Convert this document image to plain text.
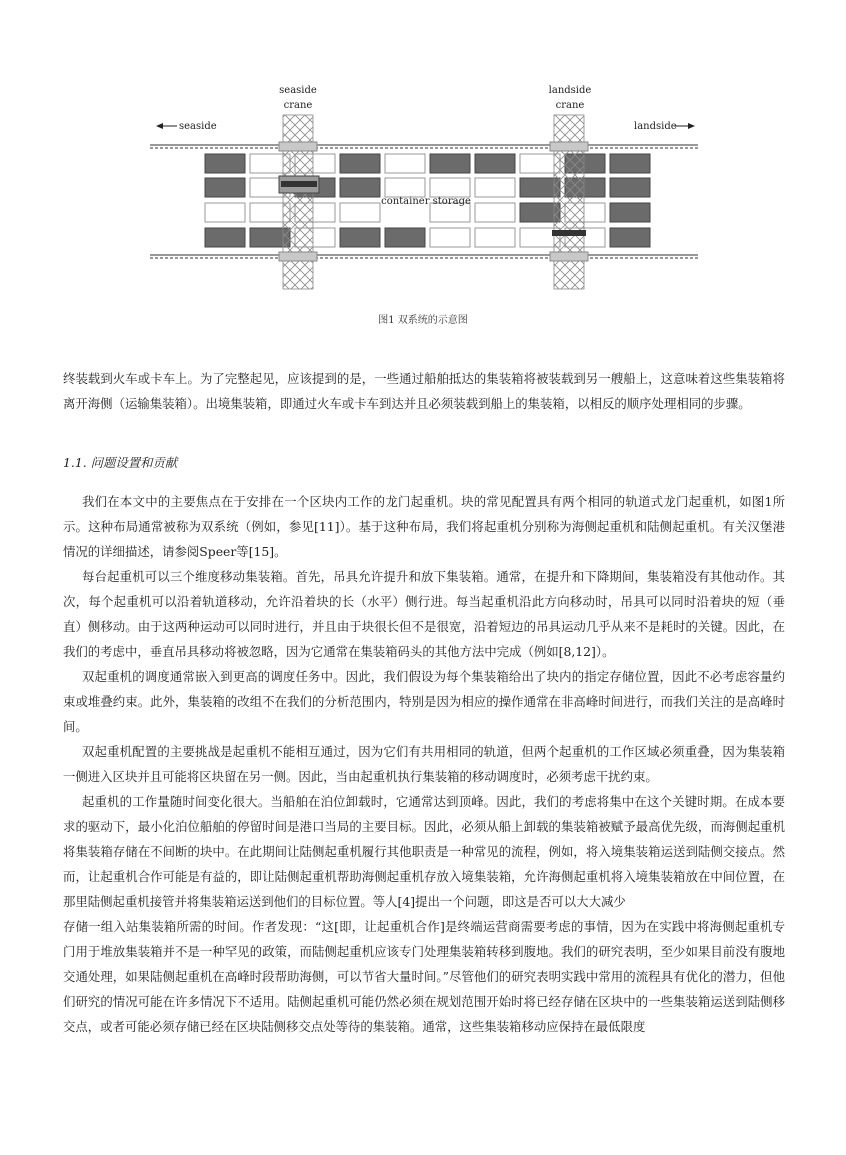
seaside
crane
landside
crane
seaside	landside
container storage
图1 双系统的示意图

终装载到火车或卡车上。为了完整起见，应该提到的是，一些通过船舶抵达的集装箱将被装载到另一艘船上，这意味着这些集装箱将离开海侧（运输集装箱）。出境集装箱，即通过火车或卡车到达并且必须装载到船上的集装箱，以相反的顺序处理相同的步骤。

1.1. 问题设置和贡献

我们在本文中的主要焦点在于安排在一个区块内工作的龙门起重机。块的常见配置具有两个相同的轨道式龙门起重机，如图1所示。这种布局通常被称为双系统（例如，参见[11]）。基于这种布局，我们将起重机分别称为海侧起重机和陆侧起重机。有关汉堡港情况的详细描述，请参阅Speer等[15]。

每台起重机可以三个维度移动集装箱。首先，吊具允许提升和放下集装箱。通常，在提升和下降期间，集装箱没有其他动作。其次，每个起重机可以沿着轨道移动，允许沿着块的长（水平）侧行进。每当起重机沿此方向移动时，吊具可以同时沿着块的短（垂直）侧移动。由于这两种运动可以同时进行，并且由于块很长但不是很宽，沿着短边的吊具运动几乎从来不是耗时的关键。因此，在我们的考虑中，垂直吊具移动将被忽略，因为它通常在集装箱码头的其他方法中完成（例如[8,12]）。

双起重机的调度通常嵌入到更高的调度任务中。因此，我们假设为每个集装箱给出了块内的指定存储位置，因此不必考虑容量约束或堆叠约束。此外，集装箱的改组不在我们的分析范围内，特别是因为相应的操作通常在非高峰时间进行，而我们关注的是高峰时间。

双起重机配置的主要挑战是起重机不能相互通过，因为它们有共用相同的轨道，但两个起重机的工作区域必须重叠，因为集装箱一侧进入区块并且可能将区块留在另一侧。因此，当由起重机执行集装箱的移动调度时，必须考虑干扰约束。

起重机的工作量随时间变化很大。当船舶在泊位卸载时，它通常达到顶峰。因此，我们的考虑将集中在这个关键时期。在成本要求的驱动下，最小化泊位船舶的停留时间是港口当局的主要目标。因此，必须从船上卸载的集装箱被赋予最高优先级，而海侧起重机将集装箱存储在不间断的块中。在此期间让陆侧起重机履行其他职责是一种常见的流程，例如，将入境集装箱运送到陆侧交接点。然而，让起重机合作可能是有益的，即让陆侧起重机帮助海侧起重机存放入境集装箱，允许海侧起重机将入境集装箱放在中间位置，在那里陆侧起重机接管并将集装箱运送到他们的目标位置。等人[4]提出一个问题，即这是否可以大大减少

存储一组入站集装箱所需的时间。作者发现：“这[即，让起重机合作]是终端运营商需要考虑的事情，因为在实践中将海侧起重机专门用于堆放集装箱并不是一种罕见的政策，而陆侧起重机应该专门处理集装箱转移到腹地。我们的研究表明，至少如果目前没有腹地交通处理，如果陆侧起重机在高峰时段帮助海侧，可以节省大量时间。”尽管他们的研究表明实践中常用的流程具有优化的潜力，但他们研究的情况可能在许多情况下不适用。陆侧起重机可能仍然必须在规划范围开始时将已经存储在区块中的一些集装箱运送到陆侧移交点，或者可能必须存储已经在区块陆侧移交点处等待的集装箱。通常，这些集装箱移动应保持在最低限度
